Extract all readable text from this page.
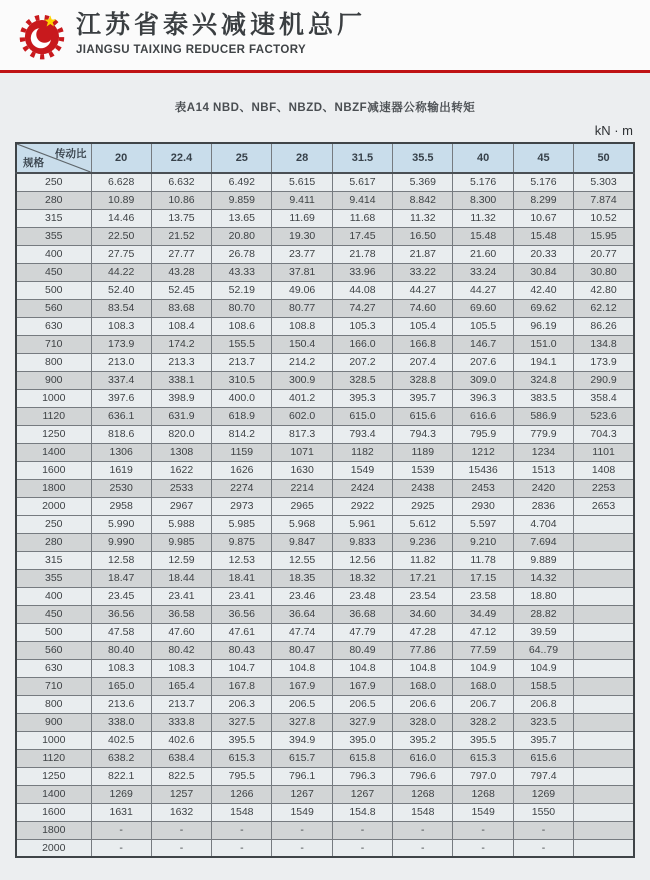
江苏省泰兴减速机总厂
JIANGSU TAIXING REDUCER FACTORY
表A14 NBD、NBF、NBZD、NBZF减速器公称输出转矩
kN · m
传动比
规格	20	22.4	25	28	31.5	35.5	40	45	50
250	6.628	6.632	6.492	5.615	5.617	5.369	5.176	5.176	5.303
280	10.89	10.86	9.859	9.411	9.414	8.842	8.300	8.299	7.874
315	14.46	13.75	13.65	11.69	11.68	11.32	11.32	10.67	10.52
355	22.50	21.52	20.80	19.30	17.45	16.50	15.48	15.48	15.95
400	27.75	27.77	26.78	23.77	21.78	21.87	21.60	20.33	20.77
450	44.22	43.28	43.33	37.81	33.96	33.22	33.24	30.84	30.80
500	52.40	52.45	52.19	49.06	44.08	44.27	44.27	42.40	42.80
560	83.54	83.68	80.70	80.77	74.27	74.60	69.60	69.62	62.12
630	108.3	108.4	108.6	108.8	105.3	105.4	105.5	96.19	86.26
710	173.9	174.2	155.5	150.4	166.0	166.8	146.7	151.0	134.8
800	213.0	213.3	213.7	214.2	207.2	207.4	207.6	194.1	173.9
900	337.4	338.1	310.5	300.9	328.5	328.8	309.0	324.8	290.9
1000	397.6	398.9	400.0	401.2	395.3	395.7	396.3	383.5	358.4
1120	636.1	631.9	618.9	602.0	615.0	615.6	616.6	586.9	523.6
1250	818.6	820.0	814.2	817.3	793.4	794.3	795.9	779.9	704.3
1400	1306	1308	1159	1071	1182	1189	1212	1234	1101
1600	1619	1622	1626	1630	1549	1539	15436	1513	1408
1800	2530	2533	2274	2214	2424	2438	2453	2420	2253
2000	2958	2967	2973	2965	2922	2925	2930	2836	2653
250	5.990	5.988	5.985	5.968	5.961	5.612	5.597	4.704	
280	9.990	9.985	9.875	9.847	9.833	9.236	9.210	7.694	
315	12.58	12.59	12.53	12.55	12.56	11.82	11.78	9.889	
355	18.47	18.44	18.41	18.35	18.32	17.21	17.15	14.32	
400	23.45	23.41	23.41	23.46	23.48	23.54	23.58	18.80	
450	36.56	36.58	36.56	36.64	36.68	34.60	34.49	28.82	
500	47.58	47.60	47.61	47.74	47.79	47.28	47.12	39.59	
560	80.40	80.42	80.43	80.47	80.49	77.86	77.59	64..79	
630	108.3	108.3	104.7	104.8	104.8	104.8	104.9	104.9	
710	165.0	165.4	167.8	167.9	167.9	168.0	168.0	158.5	
800	213.6	213.7	206.3	206.5	206.5	206.6	206.7	206.8	
900	338.0	333.8	327.5	327.8	327.9	328.0	328.2	323.5	
1000	402.5	402.6	395.5	394.9	395.0	395.2	395.5	395.7	
1120	638.2	638.4	615.3	615.7	615.8	616.0	615.3	615.6	
1250	822.1	822.5	795.5	796.1	796.3	796.6	797.0	797.4	
1400	1269	1257	1266	1267	1267	1268	1268	1269	
1600	1631	1632	1548	1549	154.8	1548	1549	1550	
1800	-	-	-	-	-	-	-	-	
2000	-	-	-	-	-	-	-	-	
